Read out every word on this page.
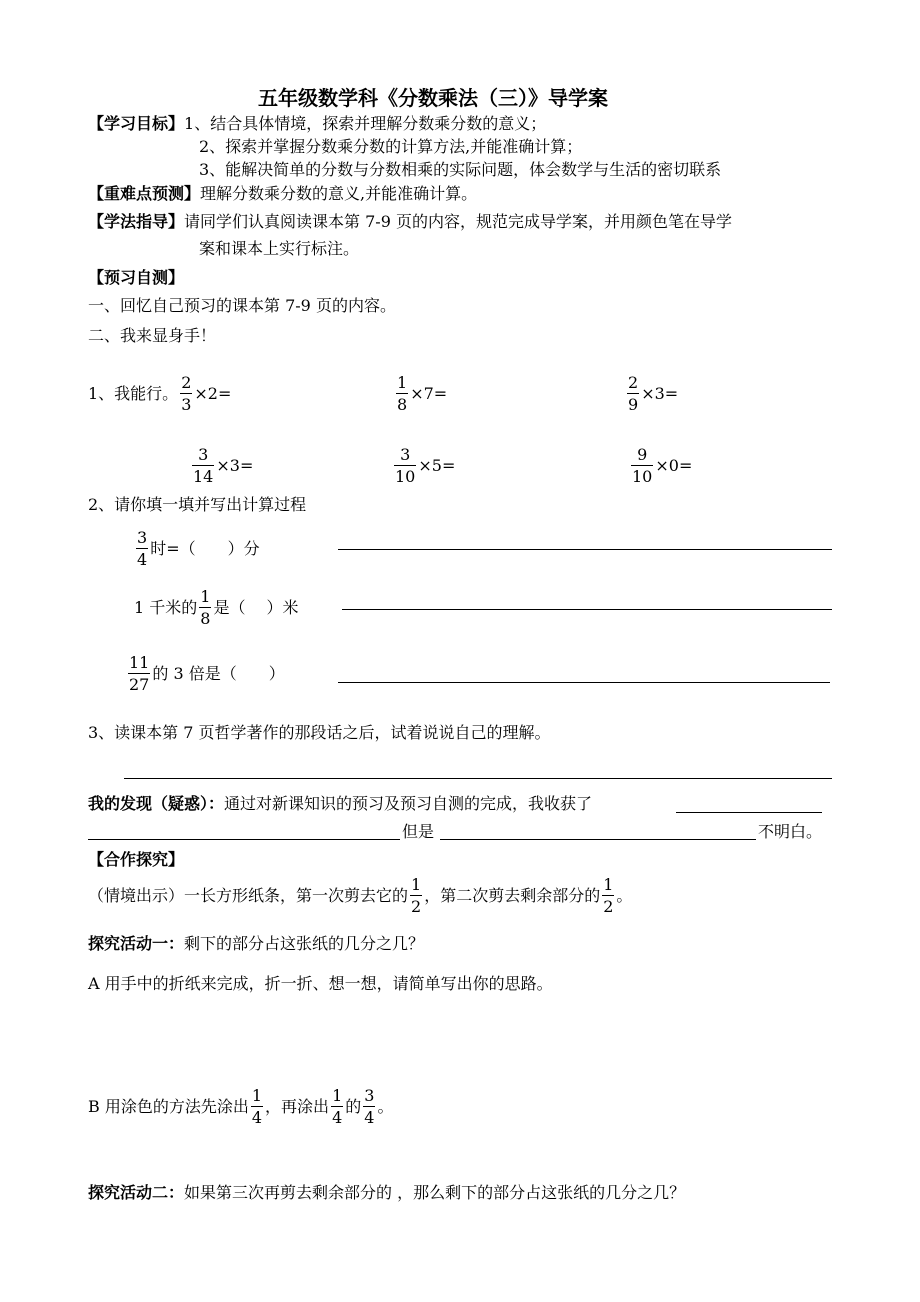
五年级数学科《分数乘法（三）》导学案
【学习目标】1、结合具体情境，探索并理解分数乘分数的意义；
2、探索并掌握分数乘分数的计算方法,并能准确计算；
3、能解决简单的分数与分数相乘的实际问题，体会数学与生活的密切联系
【重难点预测】理解分数乘分数的意义,并能准确计算。
【学法指导】请同学们认真阅读课本第 7-9 页的内容，规范完成导学案，并用颜色笔在导学
案和课本上实行标注。
【预习自测】
一、回忆自己预习的课本第 7-9 页的内容。
二、我来显身手！
1、我能行。 $\frac{2}{3} \times 2=$	$\frac{1}{8} \times 7=$	$\frac{2}{9} \times 3=$
$\frac{3}{14} \times 3=$	$\frac{3}{10} \times 5=$	$\frac{9}{10} \times 0=$
2、请你填一填并写出计算过程
$\frac{3}{4}$ 时=（　　）分
1 千米的 $\frac{1}{8}$ 是（　 ）米
$\frac{11}{27}$ 的 3 倍是（　　）
3、读课本第 7 页哲学著作的那段话之后，试着说说自己的理解。
我的发现（疑惑）：通过对新课知识的预习及预习自测的完成，我收获了
但是	不明白。
【合作探究】
（情境出示）一长方形纸条，第一次剪去它的 $\frac{1}{2}$ ，第二次剪去剩余部分的 $\frac{1}{2}$ 。
探究活动一：剩下的部分占这张纸的几分之几？
A 用手中的折纸来完成，折一折、想一想，请简单写出你的思路。
B 用涂色的方法先涂出 $\frac{1}{4}$ ，再涂出 $\frac{1}{4}$ 的 $\frac{3}{4}$ 。
探究活动二：如果第三次再剪去剩余部分的 ，那么剩下的部分占这张纸的几分之几？
